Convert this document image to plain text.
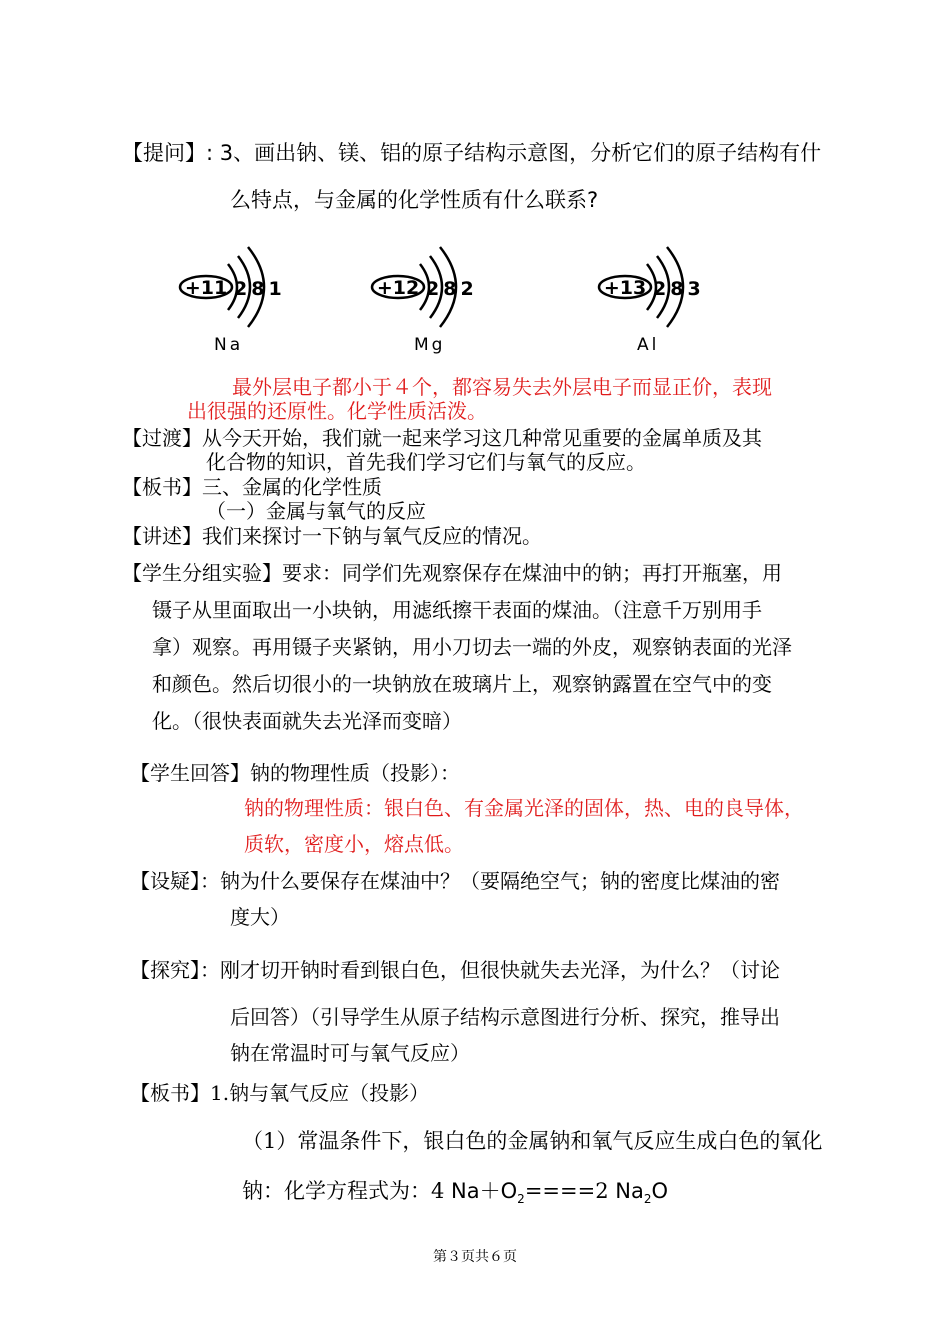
【提问】: 3、画出钠、镁、铝的原子结构示意图，分析它们的原子结构有什
么特点，与金属的化学性质有什么联系?
+11 281
Na
+12 282
Mg
+13
Al
283
最外层电子都小于４个，都容易失去外层电子而显正价，表现
出很强的还原性。化学性质活泼。
【过渡】从今天开始，我们就一起来学习这几种常见重要的金属单质及其
化合物的知识，首先我们学习它们与氧气的反应。
【板书】三、金属的化学性质
（一）金属与氧气的反应
【讲述】我们来探讨一下钠与氧气反应的情况。
【学生分组实验】要求：同学们先观察保存在煤油中的钠；再打开瓶塞，用
镊子从里面取出一小块钠，用滤纸擦干表面的煤油。（注意千万别用手
拿）观察。再用镊子夹紧钠，用小刀切去一端的外皮，观察钠表面的光泽
和颜色。然后切很小的一块钠放在玻璃片上，观察钠露置在空气中的变
化。（很快表面就失去光泽而变暗）
【学生回答】钠的物理性质（投影）：
钠的物理性质：银白色、有金属光泽的固体，热、电的良导体，
质软，密度小，熔点低。
【设疑】：钠为什么要保存在煤油中？（要隔绝空气；钠的密度比煤油的密
度大）
【探究】：刚才切开钠时看到银白色，但很快就失去光泽，为什么？（讨论
后回答）（引导学生从原子结构示意图进行分析、探究，推导出
钠在常温时可与氧气反应）
【板书】1.钠与氧气反应（投影）
（1）常温条件下，银白色的金属钠和氧气反应生成白色的氧化
钠：化学方程式为：4 $Na+O_2====2$ $Na_2O$
第３页共６页
